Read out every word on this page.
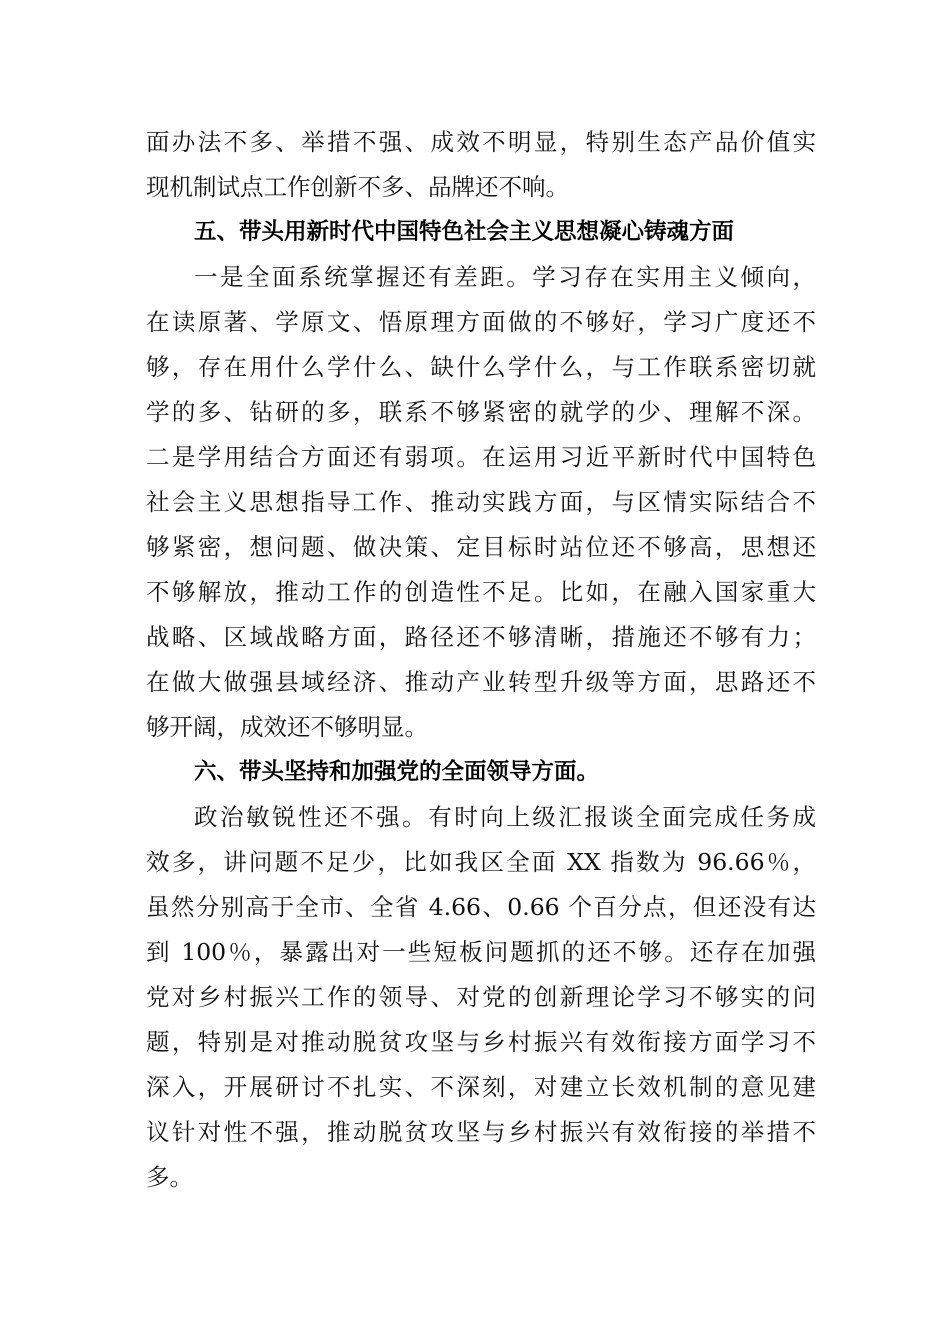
面办法不多、举措不强、成效不明显，特别生态产品价值实
现机制试点工作创新不多、品牌还不响。
五、带头用新时代中国特色社会主义思想凝心铸魂方面
一是全面系统掌握还有差距。学习存在实用主义倾向，
在读原著、学原文、悟原理方面做的不够好，学习广度还不
够，存在用什么学什么、缺什么学什么，与工作联系密切就
学的多、钻研的多，联系不够紧密的就学的少、理解不深。
二是学用结合方面还有弱项。在运用习近平新时代中国特色
社会主义思想指导工作、推动实践方面，与区情实际结合不
够紧密，想问题、做决策、定目标时站位还不够高，思想还
不够解放，推动工作的创造性不足。比如，在融入国家重大
战略、区域战略方面，路径还不够清晰，措施还不够有力；
在做大做强县域经济、推动产业转型升级等方面，思路还不
够开阔，成效还不够明显。
六、带头坚持和加强党的全面领导方面。
政治敏锐性还不强。有时向上级汇报谈全面完成任务成
效多，讲问题不足少，比如我区全面 XX 指数为 96.66％，
虽然分别高于全市、全省 4.66、0.66 个百分点，但还没有达
到 100％，暴露出对一些短板问题抓的还不够。还存在加强
党对乡村振兴工作的领导、对党的创新理论学习不够实的问
题，特别是对推动脱贫攻坚与乡村振兴有效衔接方面学习不
深入，开展研讨不扎实、不深刻，对建立长效机制的意见建
议针对性不强，推动脱贫攻坚与乡村振兴有效衔接的举措不
多。
